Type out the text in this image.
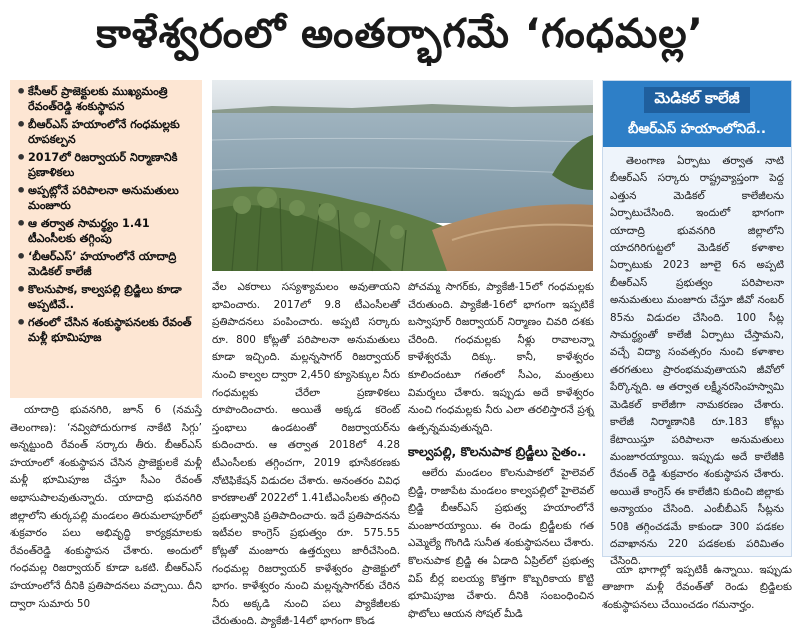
కాళేశ్వరంలో అంతర్భాగమే ‘గంధమల్ల’
• కేసీఆర్ ప్రాజెక్టులకు ముఖ్యమంత్రి రేవంత్‌రెడ్డి శంకుస్థాపన
• బీఆర్ఎస్ హయాంలోనే గంధమల్లకు రూపకల్పన
• 2017లో రిజర్వాయర్ నిర్మాణానికి ప్రణాళికలు
• అప్పట్లోనే పరిపాలనా అనుమతులు మంజూరు
• ఆ తర్వాత సామర్థ్యం 1.41 టీఎంసీలకు తగ్గింపు
• ‘బీఆర్ఎస్’ హయాంలోనే యాదాద్రి మెడికల్ కాలేజీ
• కొలనుపాక, కాల్వపల్లి బ్రిడ్జిలు కూడా అప్పటివే..
• గతంలో చేసిన శంకుస్థాపనలకు రేవంత్ మళ్లీ భూమిపూజ

యాదాద్రి భువనగిరి, జూన్ 6 (నమస్తే తెలంగాణ): ‘నవ్విపోదురుగాక నాకేటి సిగ్గు’ అన్నట్టుంది రేవంత్ సర్కారు తీరు. బీఆర్ఎస్ హయాంలో శంకుస్థాపన చేసిన ప్రాజెక్టులకే మళ్లీ మళ్లీ భూమిపూజ చేస్తూ సీఎం రేవంత్ అభాసుపాలవుతున్నారు. యాదాద్రి భువనగిరి జిల్లాలోని తుర్కపల్లి మండలం తిరుమలాపూర్‌లో శుక్రవారం పలు అభివృద్ధి కార్యక్రమాలకు రేవంత్‌రెడ్డి శంకుస్థాపన చేశారు. అందులో గంధమల్ల రిజర్వాయర్ కూడా ఒకటి. బీఆర్ఎస్ హయాంలోనే దీనికి ప్రతిపాదనలు వచ్చాయి. దీని ద్వారా సుమారు 50

వేల ఎకరాలు సస్యశ్యామలం అవుతాయని భావించారు. 2017లో 9.8 టీఎంసీలతో ప్రతిపాదనలు పంపించారు. అప్పటి సర్కారు రూ. 800 కోట్లతో పరిపాలనా అనుమతులు కూడా ఇచ్చింది. మల్లన్నసాగర్ రిజర్వాయర్ నుంచి కాల్వల ద్వారా 2,450 క్యూసెక్కుల నీరు గంధమల్లకు చేరేలా ప్రణాళికలు రూపొందించారు. అయితే అక్కడ కరెంట్ స్తంభాలు ఉండటంతో రిజర్వాయర్‌ను కుదించారు. ఆ తర్వాత 2018లో 4.28 టీఎంసీలకు తగ్గించగా, 2019 భూసేకరణకు నోటిఫికేషన్ విడుదల చేశారు. అనంతరం వివిధ కారణాలతో 2022లో 1.41టీఎంసీలకు తగ్గించి ప్రభుత్వానికి ప్రతిపాదించారు. ఇదే ప్రతిపాదనను ఇటీవల కాంగ్రెస్ ప్రభుత్వం రూ. 575.55 కోట్లతో మంజూరు ఉత్తర్వులు జారీచేసింది. గంధమల్ల రిజర్వాయర్ కాళేశ్వరం ప్రాజెక్టులో భాగం. కాళేశ్వరం నుంచి మల్లన్నసాగర్‌కు చేరిన నీరు అక్కడి నుంచి పలు ప్యాకేజీలకు చేరుతుంది. ప్యాకేజీ-14లో భాగంగా కొండ

పోచమ్మ సాగర్‌కు, ప్యాకేజీ-15లో గంధమల్లకు చేరుతుంది. ప్యాకేజీ-16లో భాగంగా ఇప్పటికే బస్వాపూర్ రిజర్వాయర్ నిర్మాణం చివరి దశకు చేరింది. గంధమల్లకు నీళ్లు రావాలన్నా కాళేశ్వరమే దిక్కు. కానీ, కాళేశ్వరం కూలిందంటూ గతంలో సీఎం, మంత్రులు విమర్శలు చేశారు. ఇప్పుడు అదే కాళేశ్వరం నుంచి గంధమల్లకు నీరు ఎలా తరలిస్తారనే ప్రశ్న ఉత్పన్నమవుతున్నది.

కాల్వపల్లి, కొలనుపాక బ్రిడ్జీలు సైతం..

ఆలేరు మండలం కొలనుపాకలో హైలెవల్ బ్రిడ్జి, రాజాపేట మండలం కాల్వపల్లిలో హైలెవల్ బ్రిడ్జి బీఆర్ఎస్ ప్రభుత్వ హయాంలోనే మంజూరయ్యాయి. ఈ రెండు బ్రిడ్జీలకు గత ఎమ్మెల్యే గొంగిడి సునీత శంకుస్థాపనలు చేశారు. కొలనుపాక బ్రిడ్జి ఈ ఏడాది ఏప్రిల్‌లో ప్రభుత్వ విప్ బీర్ల ఐలయ్య కొత్తగా కొబ్బరికాయ కొట్టి భూమిపూజ చేశారు. దీనికి సంబంధించిన ఫొటోలు ఆయన సోషల్ మీడి

మెడికల్ కాలేజీ
బీఆర్ఎస్ హయాంలోనిదే..
తెలంగాణ ఏర్పాటు తర్వాత నాటి బీఆర్ఎస్ సర్కారు రాష్ట్రవ్యాప్తంగా పెద్ద ఎత్తున మెడికల్ కాలేజీలను ఏర్పాటుచేసింది. ఇందులో భాగంగా యాదాద్రి భువనగిరి జిల్లాలోని యాదగిరిగుట్టలో మెడికల్ కళాశాల ఏర్పాటుకు 2023 జూలై 6న అప్పటి బీఆర్ఎస్ ప్రభుత్వం పరిపాలనా అనుమతులు మంజూరు చేస్తూ జీవో నంబర్ 85ను విడుదల చేసింది. 100 సీట్ల సామర్థ్యంతో కాలేజీ ఏర్పాటు చేస్తామని, వచ్చే విద్యా సంవత్సరం నుంచి కళాశాల తరగతులు ప్రారంభమవుతాయని జీవోలో పేర్కొన్నది. ఆ తర్వాత లక్ష్మీనరసింహస్వామి మెడికల్ కాలేజీగా నామకరణం చేశారు. కాలేజీ నిర్మాణానికి రూ.183 కోట్లు కేటాయిస్తూ పరిపాలనా అనుమతులు మంజూరయ్యాయి. ఇప్పుడు అదే కాలేజీకి రేవంత్ రెడ్డి శుక్రవారం శంకుస్థాపన చేశారు. అయితే కాంగ్రెస్ ఈ కాలేజీని కుదించి జిల్లాకు అన్యాయం చేసింది. ఎంబీబీఎస్ సీట్లను 50కి తగ్గించడమే కాకుండా 300 పడకల దవాఖానను 220 పడకలకు పరిమితం చేసింది.
యా భాగాల్లో ఇప్పటికీ ఉన్నాయి. ఇప్పుడు తాజాగా మళ్లీ రేవంత్‌తో రెండు బ్రిడ్జిలకు శంకుస్థాపనలు చేయించడం గమనార్హం.
